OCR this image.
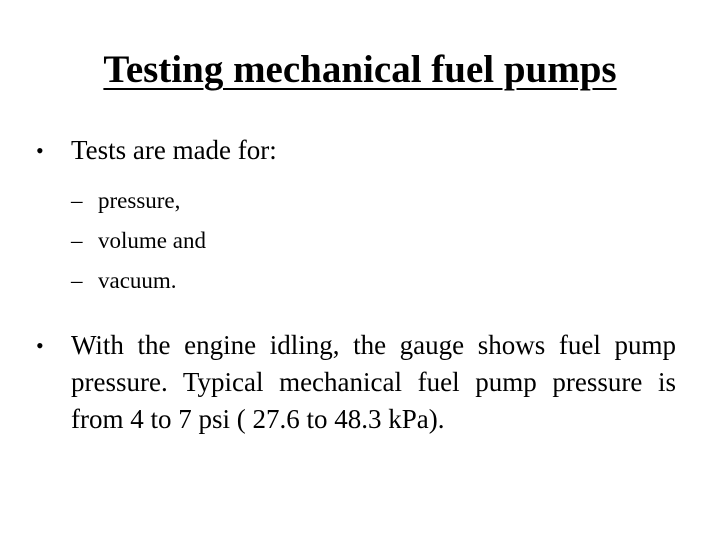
Testing mechanical fuel pumps
• Tests are made for:
– pressure,
– volume and
– vacuum.
• With the engine idling, the gauge shows fuel pump pressure. Typical mechanical fuel pump pressure is from 4 to 7 psi ( 27.6 to 48.3 kPa).
